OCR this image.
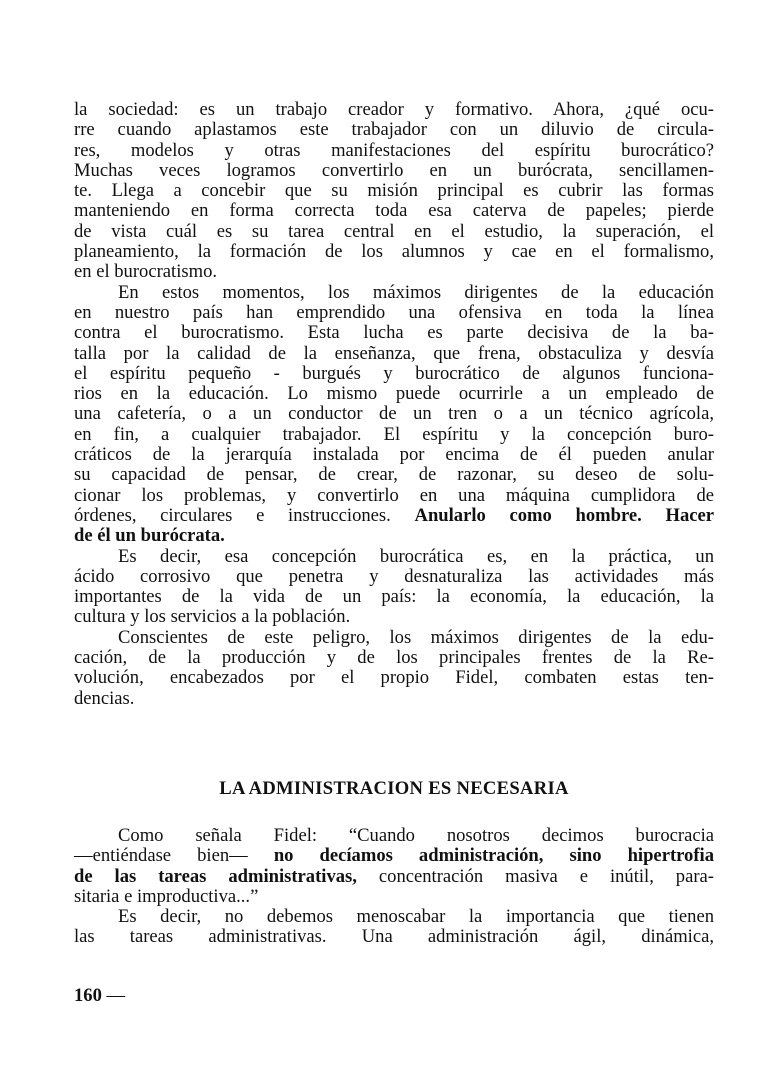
la sociedad: es un trabajo creador y formativo. Ahora, ¿qué ocu-
rre cuando aplastamos este trabajador con un diluvio de circula-
res, modelos y otras manifestaciones del espíritu burocrático?
Muchas veces logramos convertirlo en un burócrata, sencillamen-
te. Llega a concebir que su misión principal es cubrir las formas
manteniendo en forma correcta toda esa caterva de papeles; pierde
de vista cuál es su tarea central en el estudio, la superación, el
planeamiento, la formación de los alumnos y cae en el formalismo,
en el burocratismo.
En estos momentos, los máximos dirigentes de la educación
en nuestro país han emprendido una ofensiva en toda la línea
contra el burocratismo. Esta lucha es parte decisiva de la ba-
talla por la calidad de la enseñanza, que frena, obstaculiza y desvía
el espíritu pequeño - burgués y burocrático de algunos funciona-
rios en la educación. Lo mismo puede ocurrirle a un empleado de
una cafetería, o a un conductor de un tren o a un técnico agrícola,
en fin, a cualquier trabajador. El espíritu y la concepción buro-
cráticos de la jerarquía instalada por encima de él pueden anular
su capacidad de pensar, de crear, de razonar, su deseo de solu-
cionar los problemas, y convertirlo en una máquina cumplidora de
órdenes, circulares e instrucciones. Anularlo como hombre. Hacer
de él un burócrata.
Es decir, esa concepción burocrática es, en la práctica, un
ácido corrosivo que penetra y desnaturaliza las actividades más
importantes de la vida de un país: la economía, la educación, la
cultura y los servicios a la población.
Conscientes de este peligro, los máximos dirigentes de la edu-
cación, de la producción y de los principales frentes de la Re-
volución, encabezados por el propio Fidel, combaten estas ten-
dencias.
LA ADMINISTRACION ES NECESARIA
Como señala Fidel: “Cuando nosotros decimos burocracia
—entiéndase bien— no decíamos administración, sino hipertrofia
de las tareas administrativas, concentración masiva e inútil, para-
sitaria e improductiva...”
Es decir, no debemos menoscabar la importancia que tienen
las tareas administrativas. Una administración ágil, dinámica,
160 —
